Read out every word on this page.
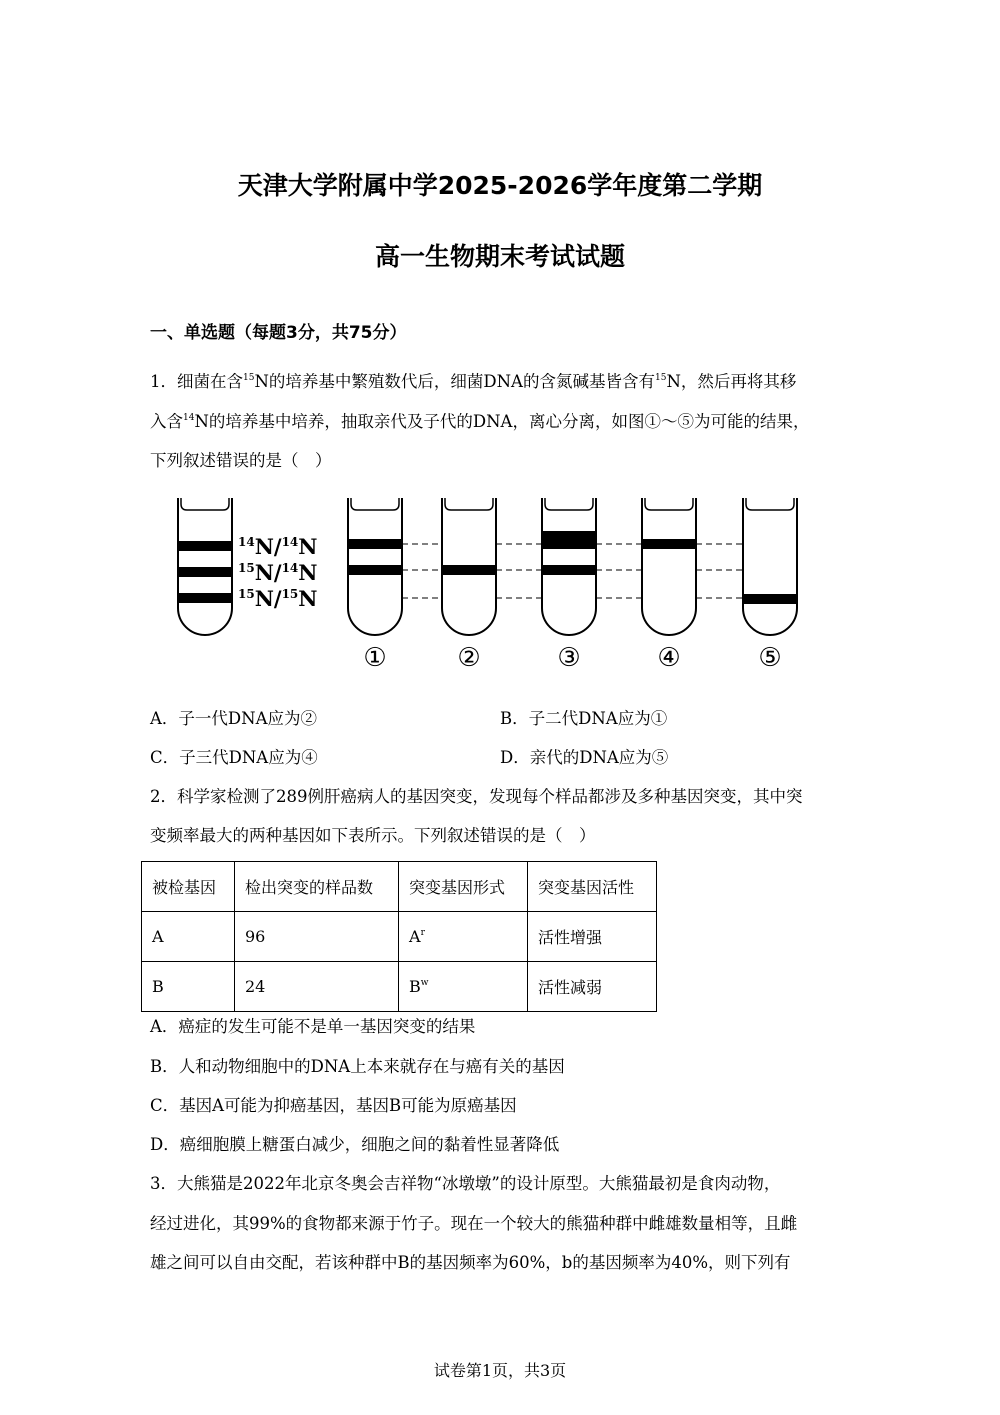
天津大学附属中学2025-2026学年度第二学期
高一生物期末考试试题
一、单选题（每题3分，共75分）
1．细菌在含$^{15}$N的培养基中繁殖数代后，细菌DNA的含氮碱基皆含有$^{15}$N，然后再将其移
入含$^{14}$N的培养基中培养，抽取亲代及子代的DNA，离心分离，如图①～⑤为可能的结果，
下列叙述错误的是（　）
$^{14}$N/$^{14}$N
$^{15}$N/$^{14}$N
$^{15}$N/$^{15}$N
①	②	③	④	⑤
A．子一代DNA应为②	B．子二代DNA应为①
C．子三代DNA应为④	D．亲代的DNA应为⑤
2．科学家检测了289例肝癌病人的基因突变，发现每个样品都涉及多种基因突变，其中突
变频率最大的两种基因如下表所示。下列叙述错误的是（　）
被检基因	检出突变的样品数	突变基因形式	突变基因活性
A	96	$A^r$	活性增强
B	24	$B^w$	活性减弱
A．癌症的发生可能不是单一基因突变的结果
B．人和动物细胞中的DNA上本来就存在与癌有关的基因
C．基因A可能为抑癌基因，基因B可能为原癌基因
D．癌细胞膜上糖蛋白减少，细胞之间的黏着性显著降低
3．大熊猫是2022年北京冬奥会吉祥物“冰墩墩”的设计原型。大熊猫最初是食肉动物，
经过进化，其99%的食物都来源于竹子。现在一个较大的熊猫种群中雌雄数量相等，且雌
雄之间可以自由交配，若该种群中B的基因频率为60%，b的基因频率为40%，则下列有
试卷第1页，共3页
